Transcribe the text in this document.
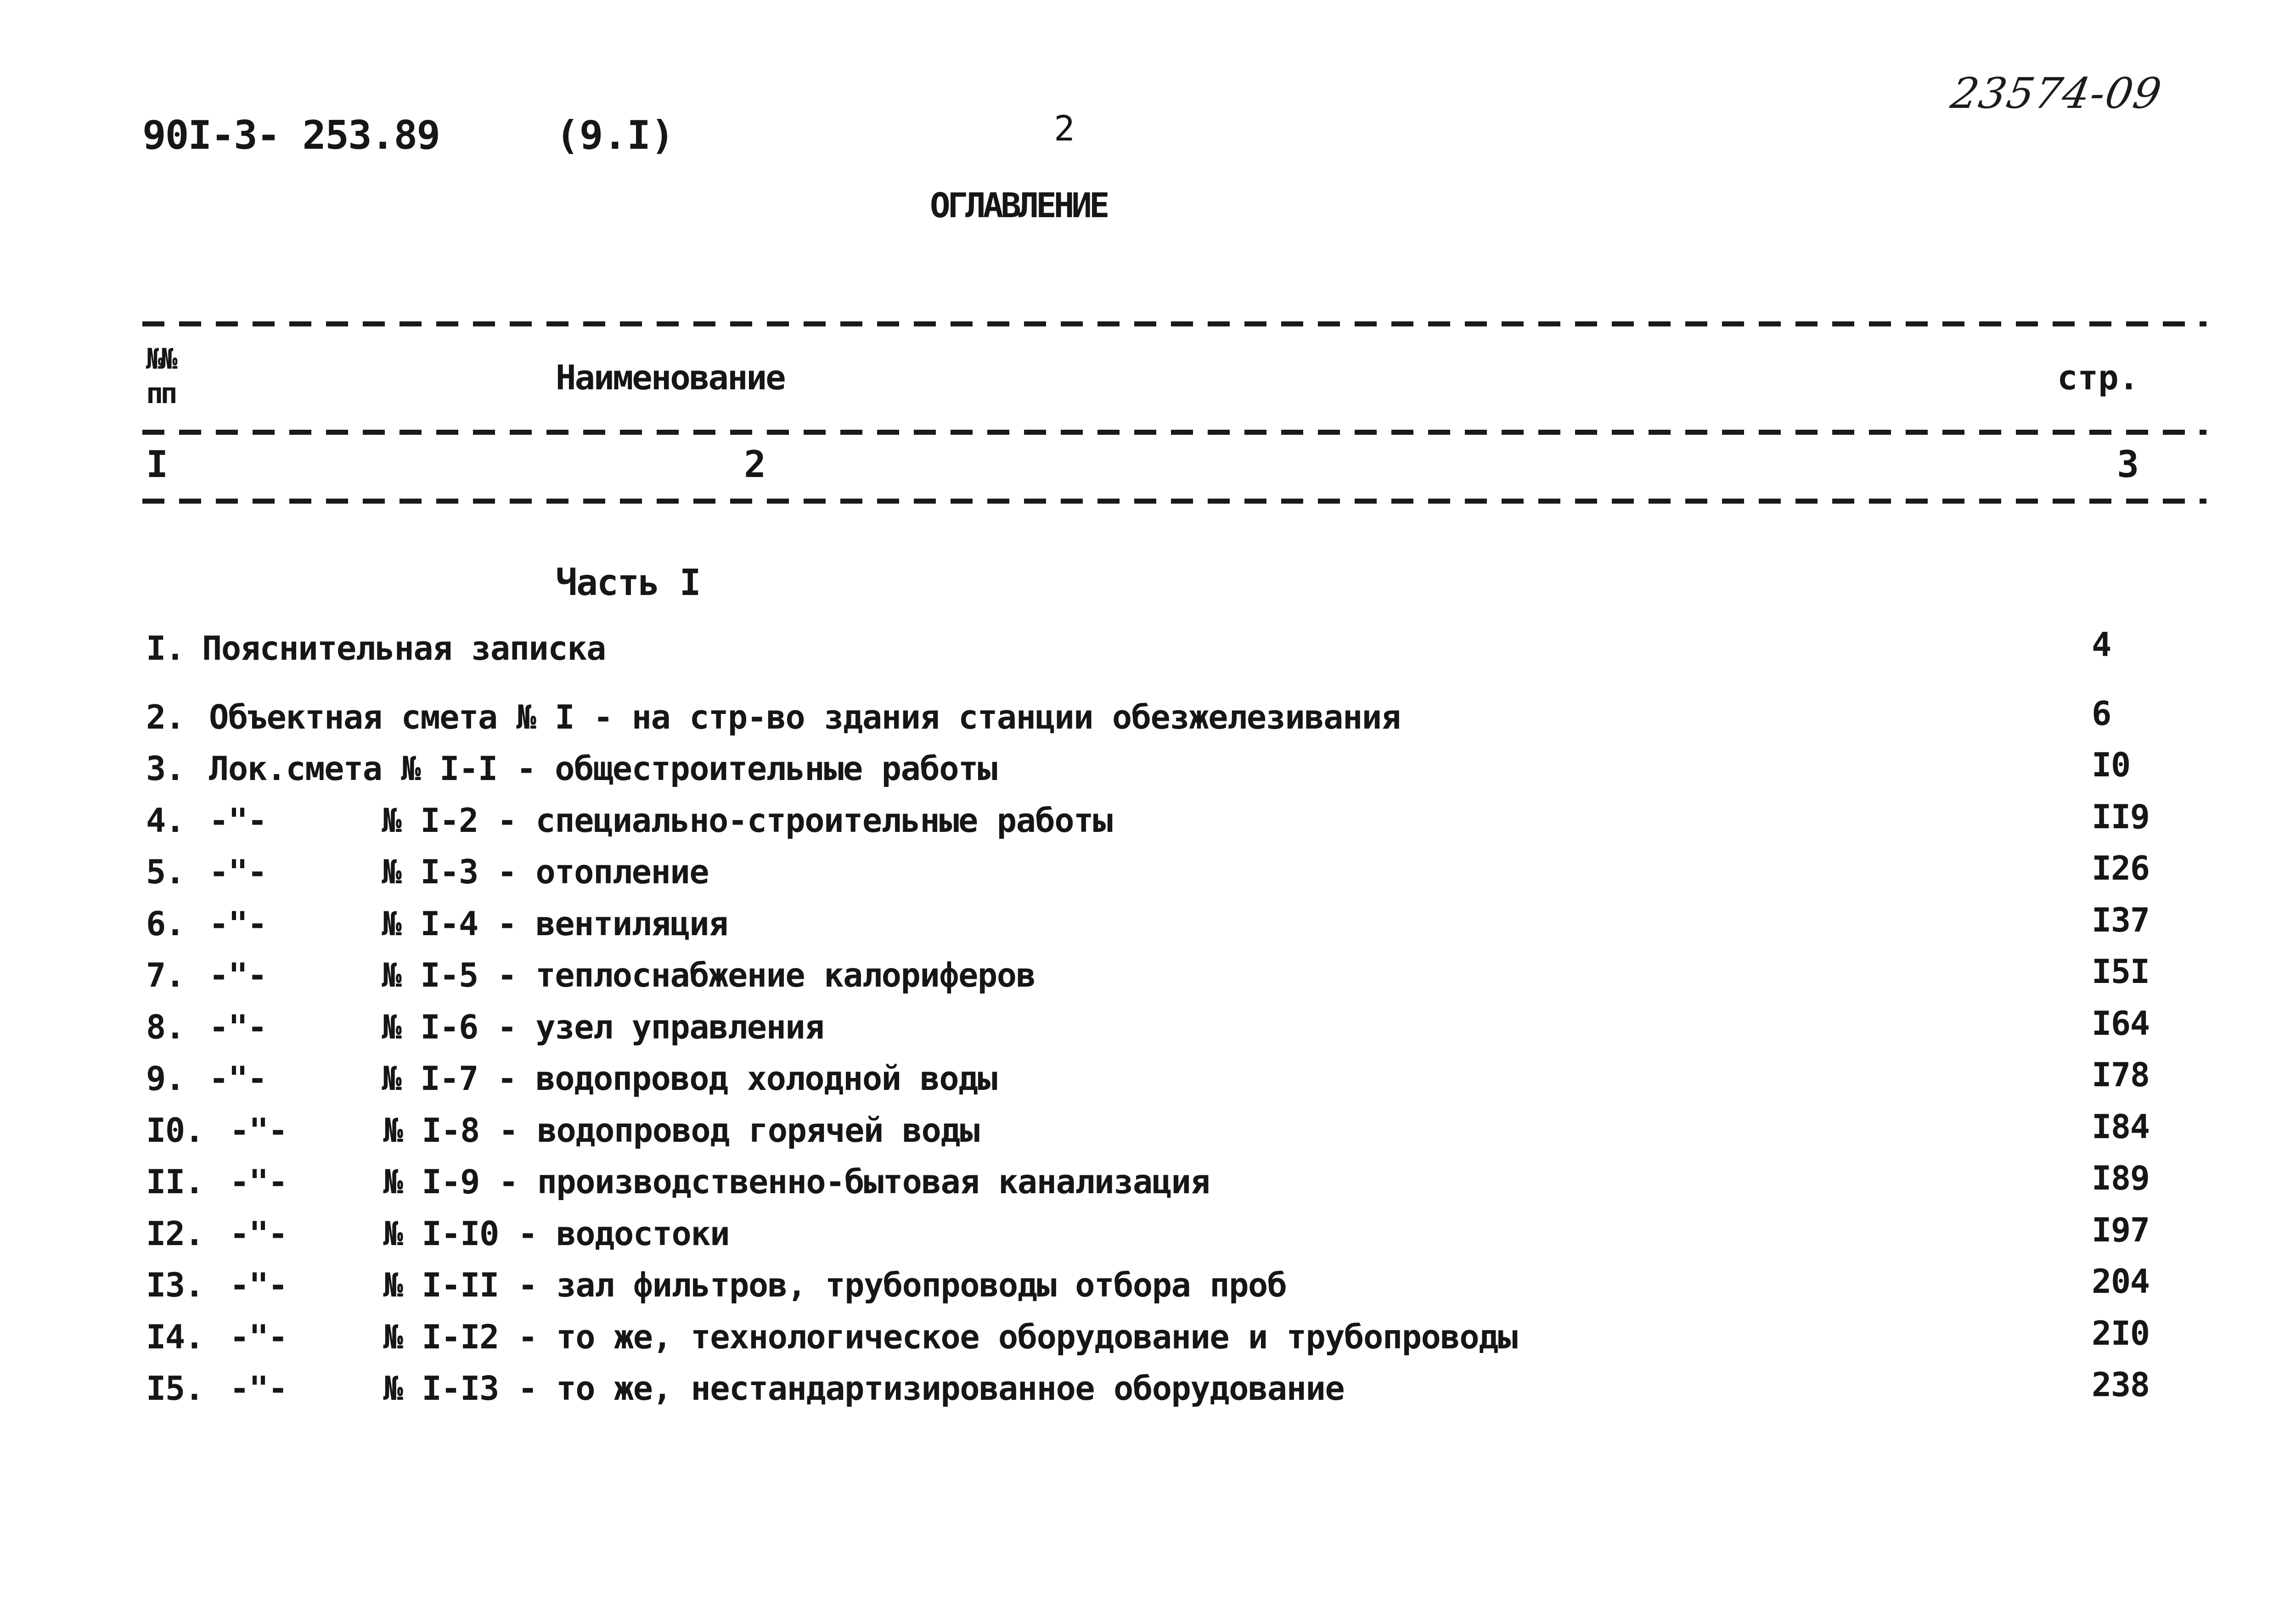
90I-3- 253.89	(9.I)	2
23574-09
ОГЛАВЛЕНИЕ
№№
пп	Наименование	стр.
I	2	3
Часть I
I. Пояснительная записка	4
2. Объектная смета № I - на стр-во здания станции обезжелезивания	6
3. Лок.смета № I-I - общестроительные работы	I0
4. -"-      № I-2 - специально-строительные работы	II9
5. -"-      № I-3 - отопление	I26
6. -"-      № I-4 - вентиляция	I37
7. -"-      № I-5 - теплоснабжение калориферов	I5I
8. -"-      № I-6 - узел управления	I64
9. -"-      № I-7 - водопровод холодной воды	I78
I0. -"-     № I-8 - водопровод горячей воды	I84
II. -"-     № I-9 - производственно-бытовая канализация	I89
I2. -"-     № I-I0 - водостоки	I97
I3. -"-     № I-II - зал фильтров, трубопроводы отбора проб	204
I4. -"-     № I-I2 - то же, технологическое оборудование и трубопроводы	2I0
I5. -"-     № I-I3 - то же, нестандартизированное оборудование	238
